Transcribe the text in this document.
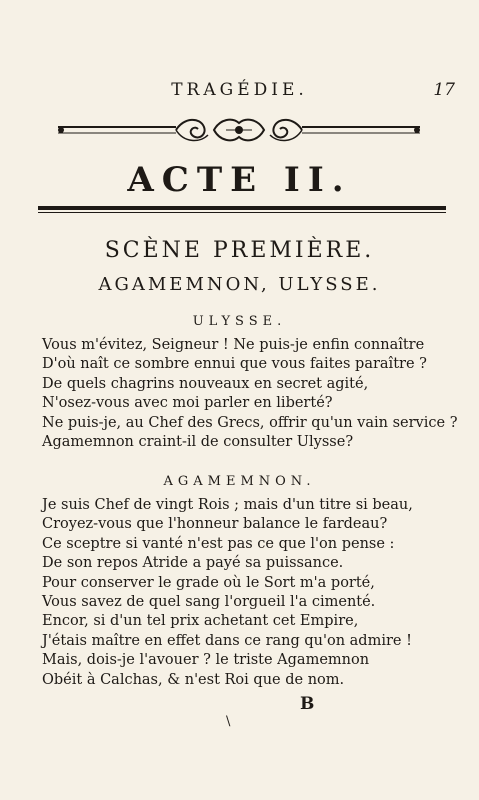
TRAGÉDIE.	17
ACTE II.
SCÈNE PREMIÈRE.
AGAMEMNON, ULYSSE.
ULYSSE.
Vous m'évitez, Seigneur ! Ne puis-je enfin connaître
D'où naît ce sombre ennui que vous faites paraître ?
De quels chagrins nouveaux en secret agité,
N'osez-vous avec moi parler en liberté?
Ne puis-je, au Chef des Grecs, offrir qu'un vain service ?
Agamemnon craint-il de consulter Ulysse?
AGAMEMNON.
Je suis Chef de vingt Rois ; mais d'un titre si beau,
Croyez-vous que l'honneur balance le fardeau?
Ce sceptre si vanté n'est pas ce que l'on pense :
De son repos Atride a payé sa puissance.
Pour conserver le grade où le Sort m'a porté,
Vous savez de quel sang l'orgueil l'a cimenté.
Encor, si d'un tel prix achetant cet Empire,
J'étais maître en effet dans ce rang qu'on admire !
Mais, dois-je l'avouer ? le triste Agamemnon
Obéit à Calchas, & n'est Roi que de nom.
B
\
